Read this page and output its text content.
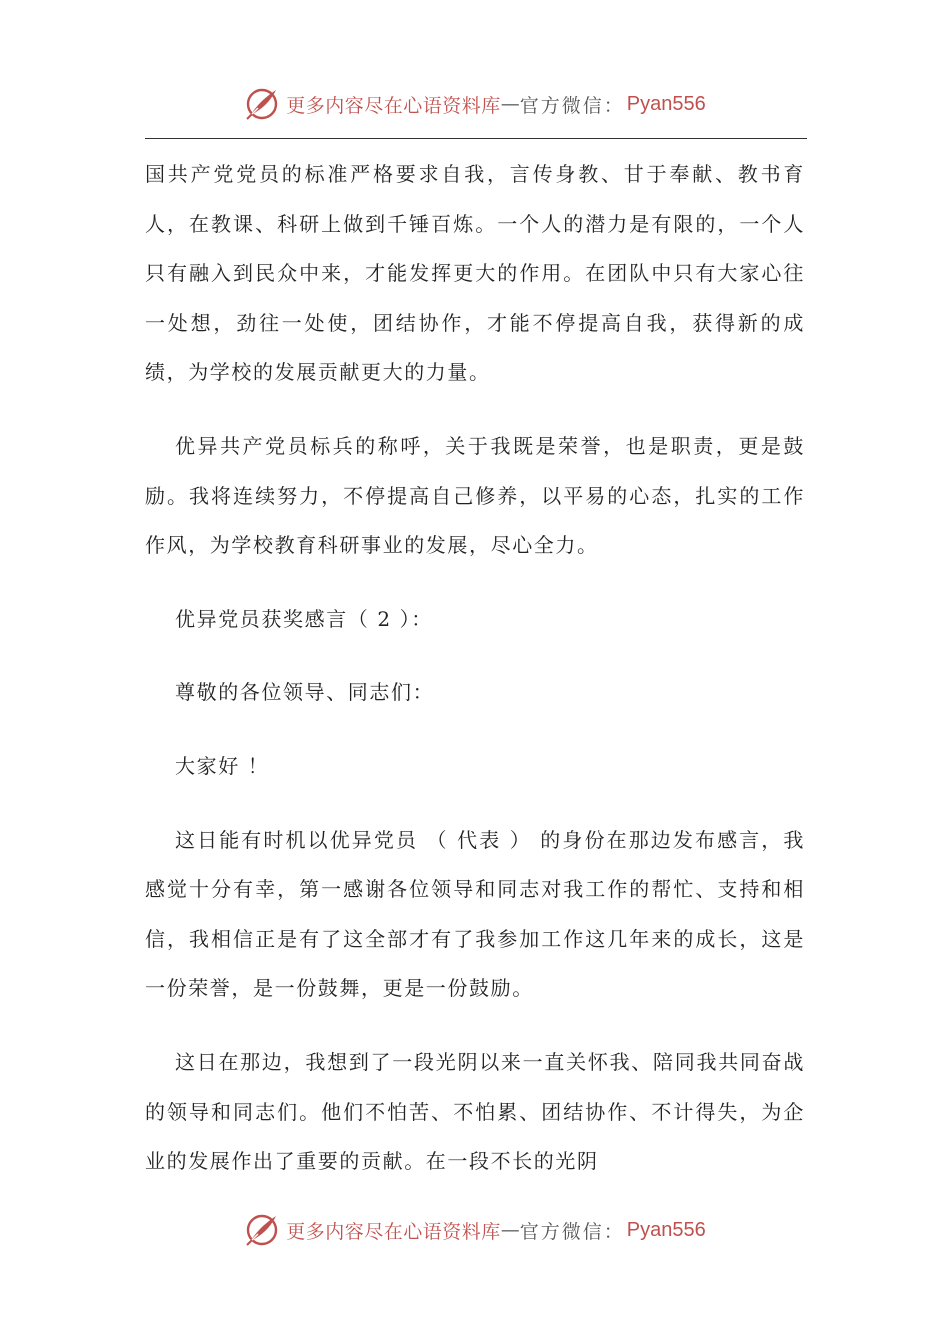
更多内容尽在心语资料库 — 官方微信： Pyan556

国共产党党员的标准严格要求自我，言传身教、甘于奉献、教书育人，在教课、科研上做到千锤百炼。一个人的潜力是有限的，一个人只有融入到民众中来，才能发挥更大的作用。在团队中只有大家心往一处想，劲往一处使，团结协作，才能不停提高自我，获得新的成绩，为学校的发展贡献更大的力量。

优异共产党员标兵的称呼，关于我既是荣誉，也是职责，更是鼓励。我将连续努力，不停提高自己修养，以平易的心态，扎实的工作作风，为学校教育科研事业的发展，尽心全力。

优异党员获奖感言（ 2 ）：

尊敬的各位领导、同志们：

大家好 ！

这日能有时机以优异党员 （ 代表 ） 的身份在那边发布感言，我感觉十分有幸，第一感谢各位领导和同志对我工作的帮忙、支持和相信，我相信正是有了这全部才有了我参加工作这几年来的成长，这是一份荣誉，是一份鼓舞，更是一份鼓励。

这日在那边，我想到了一段光阴以来一直关怀我、陪同我共同奋战的领导和同志们。他们不怕苦、不怕累、团结协作、不计得失，为企业的发展作出了重要的贡献。在一段不长的光阴

更多内容尽在心语资料库 — 官方微信： Pyan556
